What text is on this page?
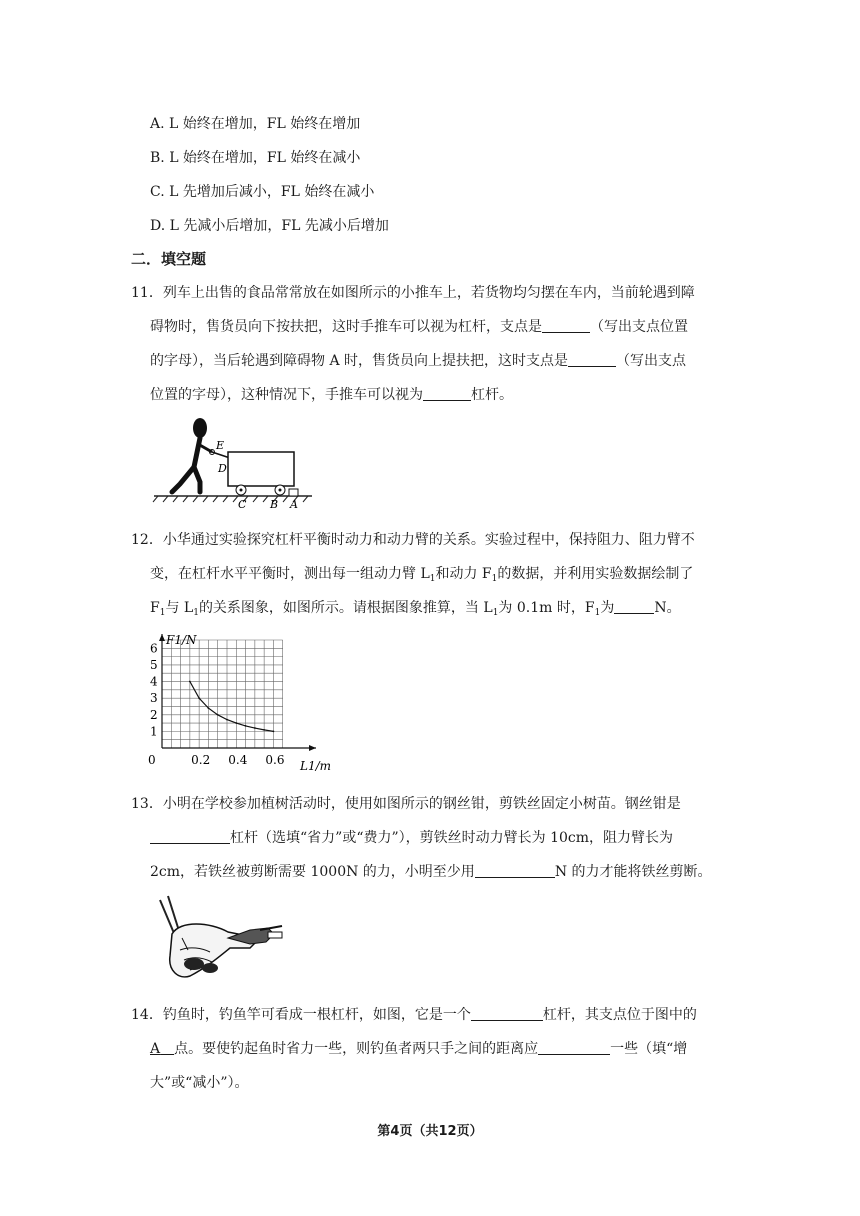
A. L 始终在增加，FL 始终在增加
B. L 始终在增加，FL 始终在减小
C. L 先增加后减小，FL 始终在减小
D. L 先减小后增加，FL 先减小后增加
二．填空题
11．列车上出售的食品常常放在如图所示的小推车上，若货物均匀摆在车内，当前轮遇到障
碍物时，售货员向下按扶把，这时手推车可以视为杠杆，支点是	（写出支点位置
的字母），当后轮遇到障碍物 A 时，售货员向上提扶把，这时支点是	（写出支点
位置的字母），这种情况下，手推车可以视为	杠杆。
E
D
C B A
12．小华通过实验探究杠杆平衡时动力和动力臂的关系。实验过程中，保持阻力、阻力臂不
变，在杠杆水平平衡时，测出每一组动力臂 $L_1$和动力 $F_1$的数据，并利用实验数据绘制了
$F_1$与 $L_1$的关系图象，如图所示。请根据图象推算，当 $L_1$为 0.1m 时，$F_1$为	N。
0	0.2 0.4 0.6
1
2
3
4
5
6
F1/N
L1/m
13．小明在学校参加植树活动时，使用如图所示的钢丝钳，剪铁丝固定小树苗。钢丝钳是
杠杆（选填“省力”或“费力”），剪铁丝时动力臂长为 10cm，阻力臂长为
2cm，若铁丝被剪断需要 1000N 的力，小明至少用	N 的力才能将铁丝剪断。
14．钓鱼时，钓鱼竿可看成一根杠杆，如图，它是一个	杠杆，其支点位于图中的
A  点。要使钓起鱼时省力一些，则钓鱼者两只手之间的距离应	一些（填“增
大”或“减小”）。
第4页（共12页）
